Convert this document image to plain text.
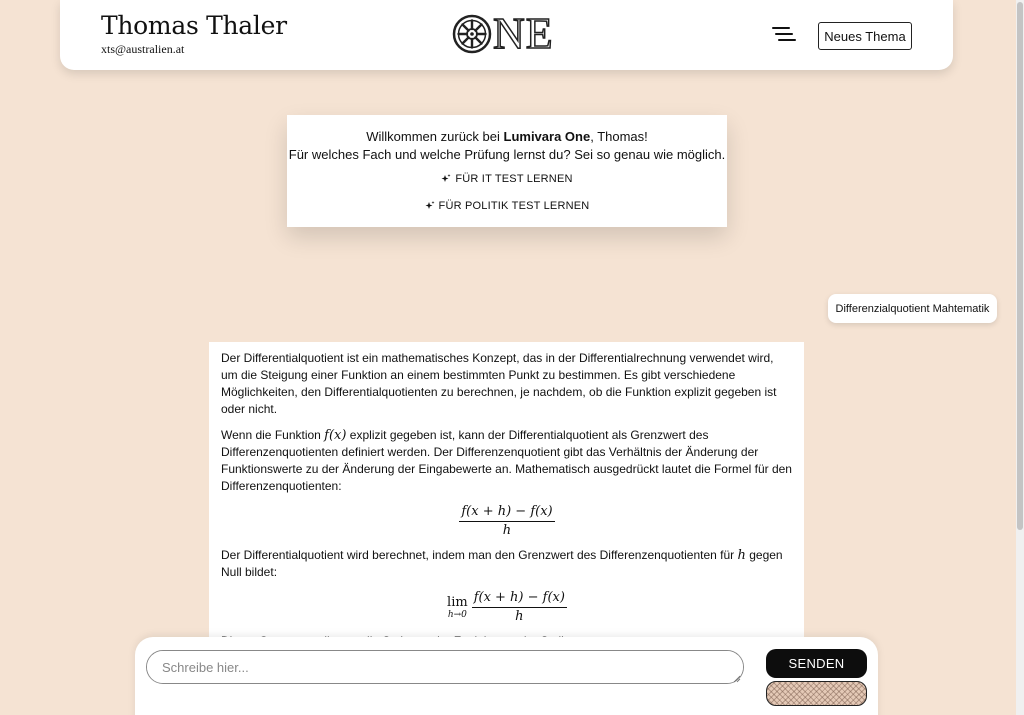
Thomas Thaler
xts@australien.at	NE	Neues Thema
Willkommen zurück bei Lumivara One, Thomas!
Für welches Fach und welche Prüfung lernst du? Sei so genau wie möglich.
FÜR IT TEST LERNEN
FÜR POLITIK TEST LERNEN
Differenzialquotient Mahtematik

Der Differentialquotient ist ein mathematisches Konzept, das in der Differentialrechnung verwendet wird, um die Steigung einer Funktion an einem bestimmten Punkt zu bestimmen. Es gibt verschiedene Möglichkeiten, den Differentialquotienten zu berechnen, je nachdem, ob die Funktion explizit gegeben ist oder nicht.

Wenn die Funktion f(x) explizit gegeben ist, kann der Differentialquotient als Grenzwert des Differenzenquotienten definiert werden. Der Differenzenquotient gibt das Verhältnis der Änderung der Funktionswerte zu der Änderung der Eingabewerte an. Mathematisch ausgedrückt lautet die Formel für den Differenzenquotienten:

$\frac{f(x + h) - f(x)}{h}$

Der Differentialquotient wird berechnet, indem man den Grenzwert des Differenzenquotienten für h gegen Null bildet:

lim
$h\to 0 \frac{f(x + h) - f(x)}{h}$

Schreibe hier...
SENDEN
